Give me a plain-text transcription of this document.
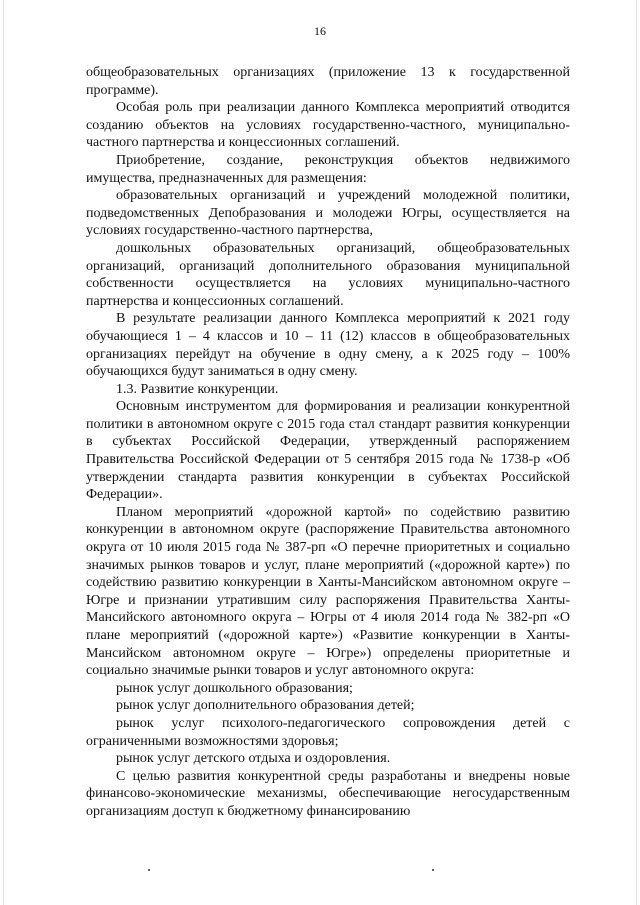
16

общеобразовательных организациях (приложение 13 к государственной программе).

Особая роль при реализации данного Комплекса мероприятий отводится созданию объектов на условиях государственно-частного, муниципально-частного партнерства и концессионных соглашений.

Приобретение, создание, реконструкция объектов недвижимого имущества, предназначенных для размещения:

образовательных организаций и учреждений молодежной политики, подведомственных Депобразования и молодежи Югры, осуществляется на условиях государственно-частного партнерства,

дошкольных образовательных организаций, общеобразовательных организаций, организаций дополнительного образования муниципальной собственности осуществляется на условиях муниципально-частного партнерства и концессионных соглашений.

В результате реализации данного Комплекса мероприятий к 2021 году обучающиеся 1 – 4 классов и 10 – 11 (12) классов в общеобразовательных организациях перейдут на обучение в одну смену, а к 2025 году – 100% обучающихся будут заниматься в одну смену.

1.3. Развитие конкуренции.

Основным инструментом для формирования и реализации конкурентной политики в автономном округе с 2015 года стал стандарт развития конкуренции в субъектах Российской Федерации, утвержденный распоряжением Правительства Российской Федерации от 5 сентября 2015 года № 1738-р «Об утверждении стандарта развития конкуренции в субъектах Российской Федерации».

Планом мероприятий «дорожной картой» по содействию развитию конкуренции в автономном округе (распоряжение Правительства автономного округа от 10 июля 2015 года № 387-рп «О перечне приоритетных и социально значимых рынков товаров и услуг, плане мероприятий («дорожной карте») по содействию развитию конкуренции в Ханты-Мансийском автономном округе – Югре и признании утратившим силу распоряжения Правительства Ханты-Мансийского автономного округа – Югры от 4 июля 2014 года № 382-рп «О плане мероприятий («дорожной карте») «Развитие конкуренции в Ханты-Мансийском автономном округе – Югре») определены приоритетные и социально значимые рынки товаров и услуг автономного округа:

рынок услуг дошкольного образования;

рынок услуг дополнительного образования детей;

рынок услуг психолого-педагогического сопровождения детей с ограниченными возможностями здоровья;

рынок услуг детского отдыха и оздоровления.

С целью развития конкурентной среды разработаны и внедрены новые финансово-экономические механизмы, обеспечивающие негосударственным организациям доступ к бюджетному финансированию
